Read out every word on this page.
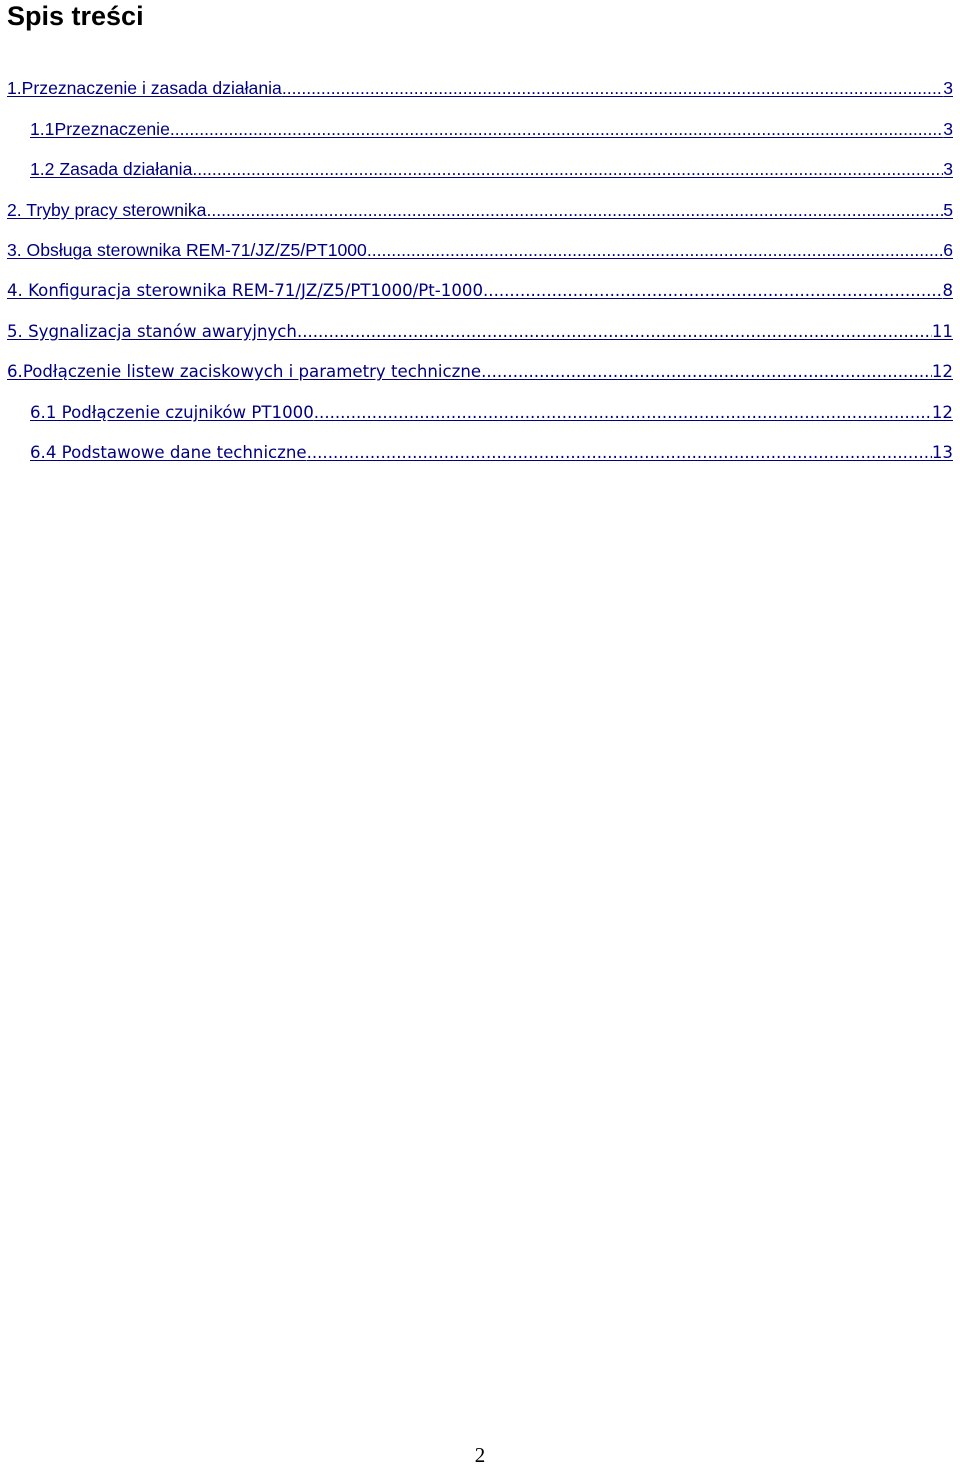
Spis treści
1.Przeznaczenie i zasada działania .....	3
1.1Przeznaczenie .....	3
1.2 Zasada działania .....	3
2. Tryby pracy sterownika .....	5
3. Obsługa sterownika REM-71/JZ/Z5/PT1000 .....	6
4. Konfiguracja sterownika REM-71/JZ/Z5/PT1000/Pt-1000 .....	8
5. Sygnalizacja stanów awaryjnych .....	11
6.Podłączenie listew zaciskowych i parametry techniczne .....	12
6.1 Podłączenie czujników PT1000 .....	12
6.4 Podstawowe dane techniczne .....	13
2
